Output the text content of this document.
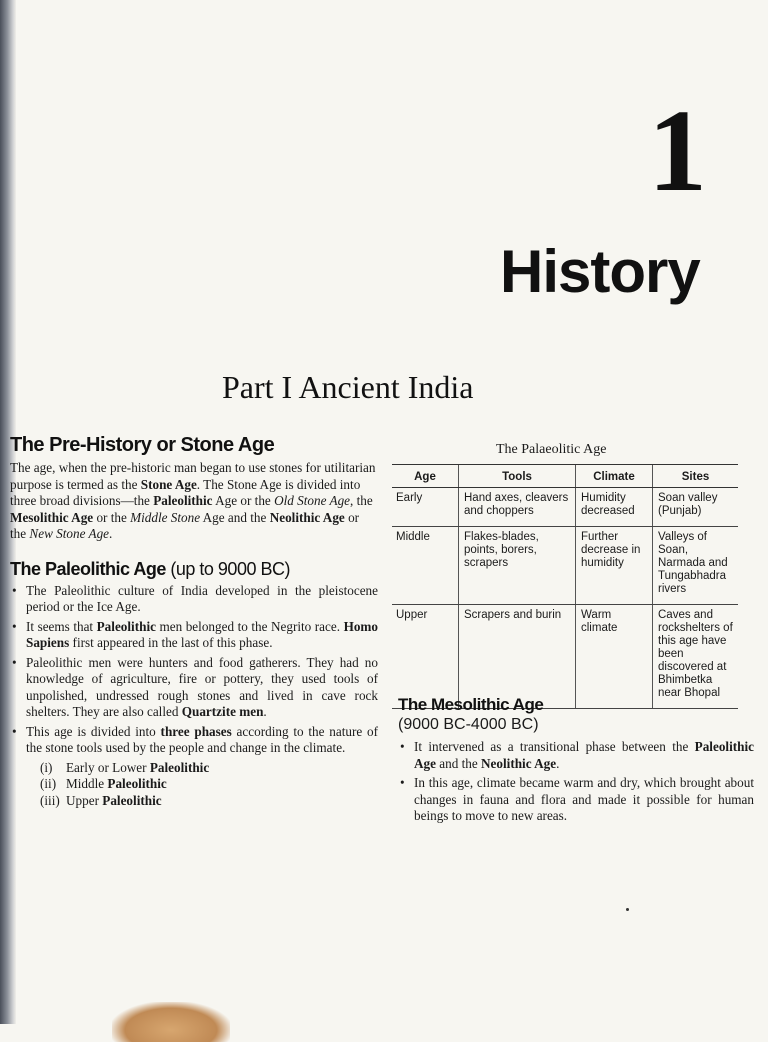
1
History
Part I Ancient India
The Pre-History or Stone Age

The age, when the pre-historic man began to use stones for utilitarian purpose is termed as the Stone Age. The Stone Age is divided into three broad divisions—the Paleolithic Age or the Old Stone Age, the Mesolithic Age or the Middle Stone Age and the Neolithic Age or the New Stone Age.

The Paleolithic Age (up to 9000 BC)
• The Paleolithic culture of India developed in the pleistocene period or the Ice Age.
• It seems that Paleolithic men belonged to the Negrito race. Homo Sapiens first appeared in the last of this phase.
• Paleolithic men were hunters and food gatherers. They had no knowledge of agriculture, fire or pottery, they used tools of unpolished, undressed rough stones and lived in cave rock shelters. They are also called Quartzite men.
• This age is divided into three phases according to the nature of the stone tools used by the people and change in the climate.
(i) Early or Lower Paleolithic
(ii) Middle Paleolithic
(iii) Upper Paleolithic
The Palaeolitic Age
Age	Tools	Climate	Sites
Early	Hand axes, cleavers and choppers	Humidity decreased	Soan valley (Punjab)
Middle	Flakes-blades, points, borers, scrapers	Further decrease in humidity	Valleys of Soan, Narmada and Tungabhadra rivers
Upper	Scrapers and burin	Warm climate	Caves and rockshelters of this age have been discovered at Bhimbetka near Bhopal
The Mesolithic Age
(9000 BC-4000 BC)
• It intervened as a transitional phase between the Paleolithic Age and the Neolithic Age.
• In this age, climate became warm and dry, which brought about changes in fauna and flora and made it possible for human beings to move to new areas.
